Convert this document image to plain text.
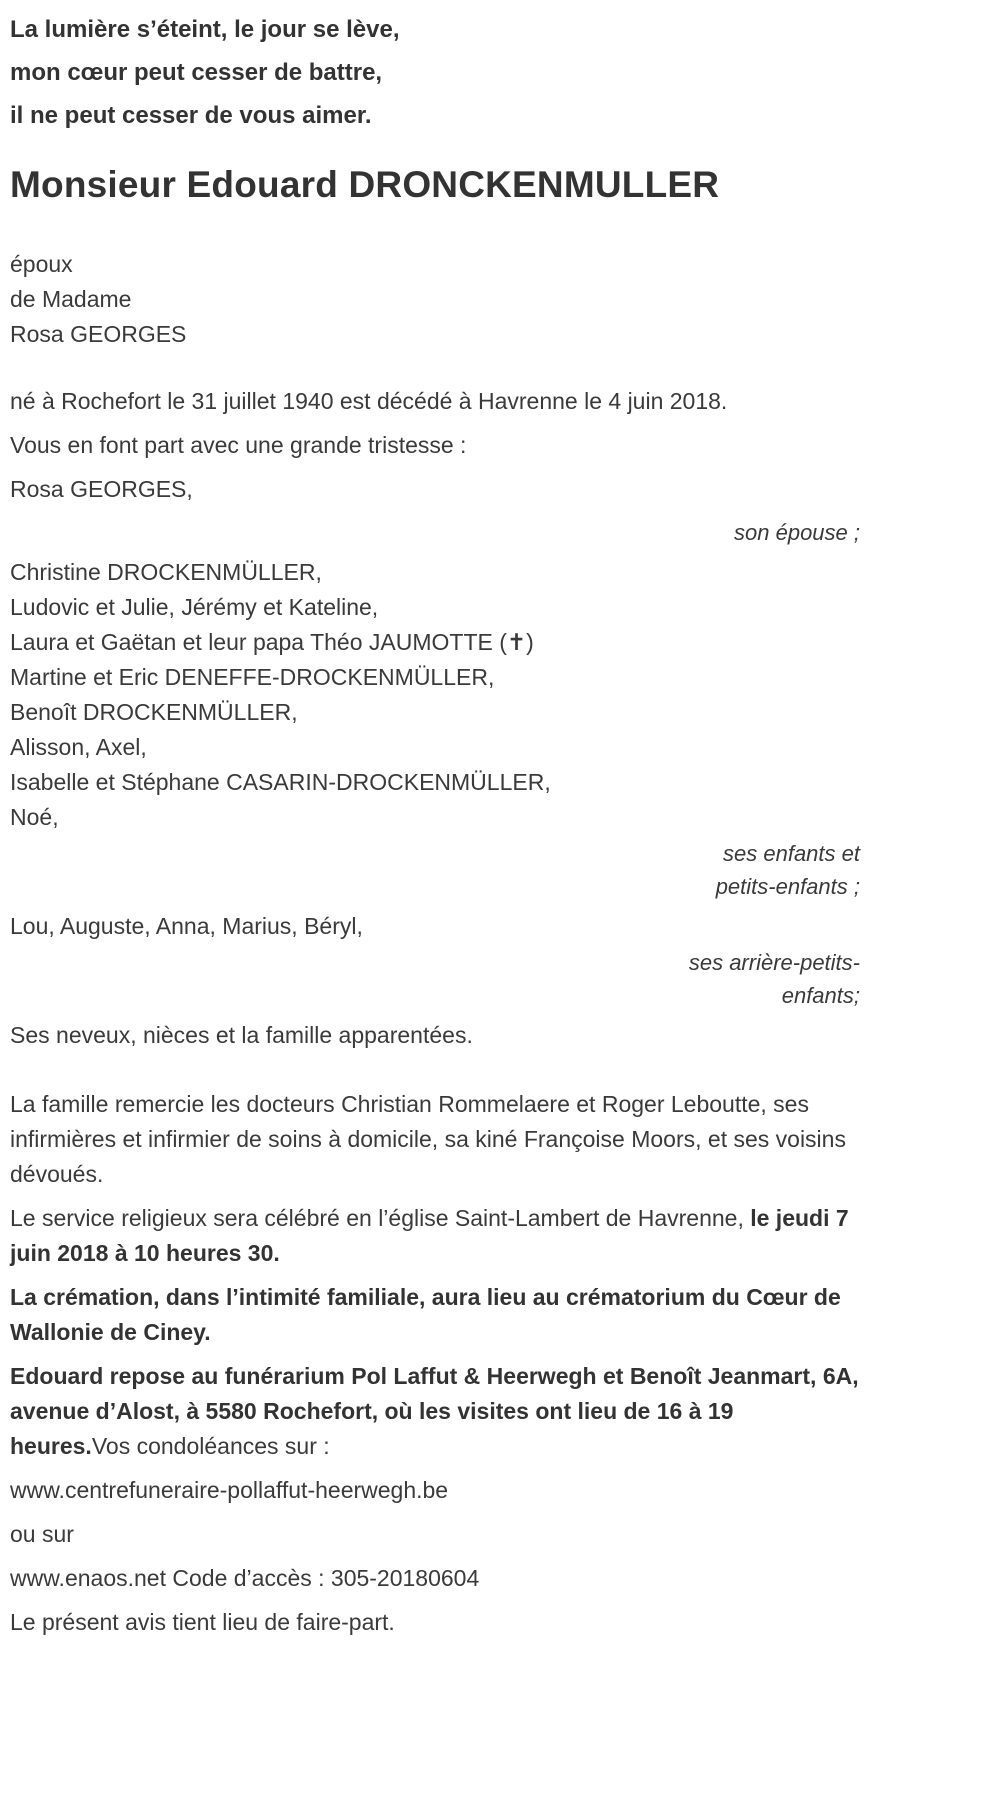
La lumière s’éteint, le jour se lève,

mon cœur peut cesser de battre,

il ne peut cesser de vous aimer.

Monsieur Edouard DRONCKENMULLER

époux

de Madame

Rosa GEORGES

né à Rochefort le 31 juillet 1940 est décédé à Havrenne le 4 juin 2018.

Vous en font part avec une grande tristesse :

Rosa GEORGES,

son épouse ;

Christine DROCKENMÜLLER,

Ludovic et Julie, Jérémy et Kateline,

Laura et Gaëtan et leur papa Théo JAUMOTTE (✝)

Martine et Eric DENEFFE-DROCKENMÜLLER,

Benoît DROCKENMÜLLER,

Alisson, Axel,

Isabelle et Stéphane CASARIN-DROCKENMÜLLER,

Noé,

ses enfants et
petits-enfants ;

Lou, Auguste, Anna, Marius, Béryl,

ses arrière-petits-
enfants;

Ses neveux, nièces et la famille apparentées.

La famille remercie les docteurs Christian Rommelaere et Roger Leboutte, ses infirmières et infirmier de soins à domicile, sa kiné Françoise Moors, et ses voisins dévoués.

Le service religieux sera célébré en l’église Saint-Lambert de Havrenne, le jeudi 7 juin 2018 à 10 heures 30.

La crémation, dans l’intimité familiale, aura lieu au crématorium du Cœur de Wallonie de Ciney.

Edouard repose au funérarium Pol Laffut & Heerwegh et Benoît Jeanmart, 6A, avenue d’Alost, à 5580 Rochefort, où les visites ont lieu de 16 à 19 heures.Vos condoléances sur :

www.centrefuneraire-pollaffut-heerwegh.be

ou sur

www.enaos.net Code d’accès : 305-20180604

Le présent avis tient lieu de faire-part.
